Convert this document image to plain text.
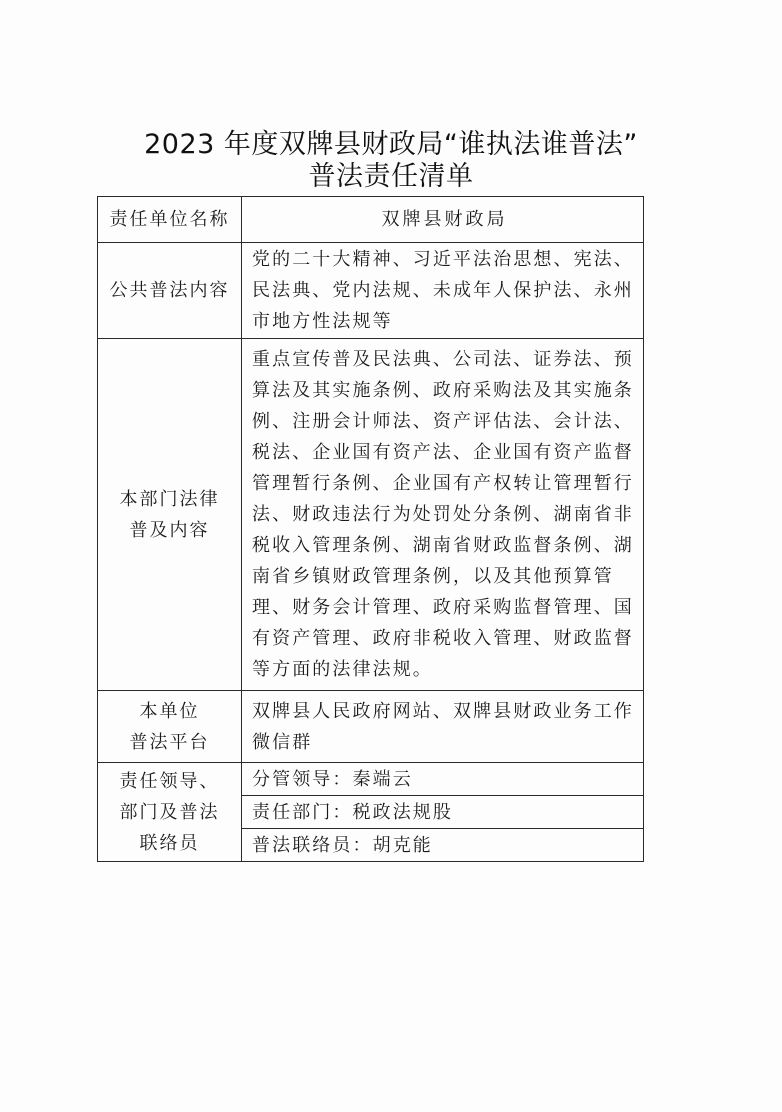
2023 年度双牌县财政局“谁执法谁普法”
普法责任清单
责任单位名称	双牌县财政局
公共普法内容	党的二十大精神、习近平法治思想、宪法、民法典、党内法规、未成年人保护法、永州市地方性法规等

本部门法律
普及内容	重点宣传普及民法典、公司法、证券法、预算法及其实施条例、政府采购法及其实施条例、注册会计师法、资产评估法、会计法、税法、企业国有资产法、企业国有资产监督管理暂行条例、企业国有产权转让管理暂行法、财政违法行为处罚处分条例、湖南省非税收入管理条例、湖南省财政监督条例、湖南省乡镇财政管理条例，以及其他预算管理、财务会计管理、政府采购监督管理、国有资产管理、政府非税收入管理、财政监督等方面的法律法规。

本单位
普法平台	双牌县人民政府网站、双牌县财政业务工作微信群

责任领导、
部门及普法
联络员	分管领导：秦端云
	责任部门：税政法规股
	普法联络员：胡克能
